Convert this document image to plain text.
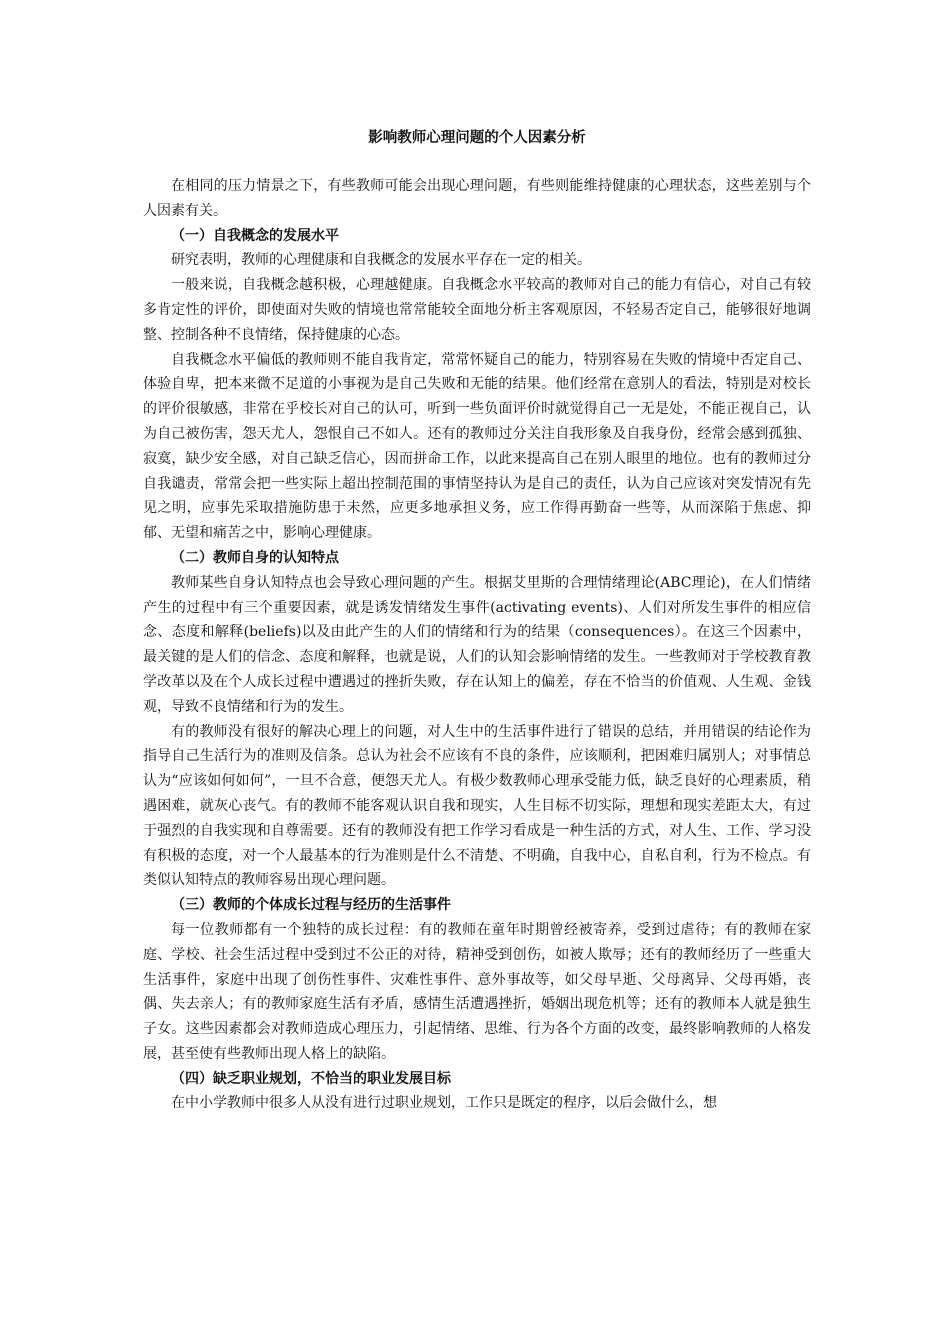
影响教师心理问题的个人因素分析

在相同的压力情景之下，有些教师可能会出现心理问题，有些则能维持健康的心理状态，这些差别与个人因素有关。

（一）自我概念的发展水平

研究表明，教师的心理健康和自我概念的发展水平存在一定的相关。

一般来说，自我概念越积极，心理越健康。自我概念水平较高的教师对自己的能力有信心，对自己有较多肯定性的评价，即使面对失败的情境也常常能较全面地分析主客观原因，不轻易否定自己，能够很好地调整、控制各种不良情绪，保持健康的心态。

自我概念水平偏低的教师则不能自我肯定，常常怀疑自己的能力，特别容易在失败的情境中否定自己、体验自卑，把本来微不足道的小事视为是自己失败和无能的结果。他们经常在意别人的看法，特别是对校长的评价很敏感，非常在乎校长对自己的认可，听到一些负面评价时就觉得自己一无是处，不能正视自己，认为自己被伤害，怨天尤人，怨恨自己不如人。还有的教师过分关注自我形象及自我身份，经常会感到孤独、寂寞，缺少安全感，对自己缺乏信心，因而拼命工作，以此来提高自己在别人眼里的地位。也有的教师过分自我谴责，常常会把一些实际上超出控制范围的事情坚持认为是自己的责任，认为自己应该对突发情况有先见之明，应事先采取措施防患于未然，应更多地承担义务，应工作得再勤奋一些等，从而深陷于焦虑、抑郁、无望和痛苦之中，影响心理健康。

（二）教师自身的认知特点

教师某些自身认知特点也会导致心理问题的产生。根据艾里斯的合理情绪理论(ABC理论)，在人们情绪产生的过程中有三个重要因素，就是诱发情绪发生事件(activating events)、人们对所发生事件的相应信念、态度和解释(beliefs)以及由此产生的人们的情绪和行为的结果（consequences）。在这三个因素中，最关键的是人们的信念、态度和解释，也就是说，人们的认知会影响情绪的发生。一些教师对于学校教育教学改革以及在个人成长过程中遭遇过的挫折失败，存在认知上的偏差，存在不恰当的价值观、人生观、金钱观，导致不良情绪和行为的发生。

有的教师没有很好的解决心理上的问题，对人生中的生活事件进行了错误的总结，并用错误的结论作为指导自己生活行为的准则及信条。总认为社会不应该有不良的条件，应该顺利，把困难归属别人；对事情总认为“应该如何如何”，一旦不合意，便怨天尤人。有极少数教师心理承受能力低，缺乏良好的心理素质，稍遇困难，就灰心丧气。有的教师不能客观认识自我和现实，人生目标不切实际，理想和现实差距太大，有过于强烈的自我实现和自尊需要。还有的教师没有把工作学习看成是一种生活的方式，对人生、工作、学习没有积极的态度，对一个人最基本的行为准则是什么不清楚、不明确，自我中心，自私自利，行为不检点。有类似认知特点的教师容易出现心理问题。

（三）教师的个体成长过程与经历的生活事件

每一位教师都有一个独特的成长过程：有的教师在童年时期曾经被寄养，受到过虐待；有的教师在家庭、学校、社会生活过程中受到过不公正的对待，精神受到创伤，如被人欺辱；还有的教师经历了一些重大生活事件，家庭中出现了创伤性事件、灾难性事件、意外事故等，如父母早逝、父母离异、父母再婚，丧偶、失去亲人；有的教师家庭生活有矛盾，感情生活遭遇挫折，婚姻出现危机等；还有的教师本人就是独生子女。这些因素都会对教师造成心理压力，引起情绪、思维、行为各个方面的改变，最终影响教师的人格发展，甚至使有些教师出现人格上的缺陷。

（四）缺乏职业规划，不恰当的职业发展目标

在中小学教师中很多人从没有进行过职业规划，工作只是既定的程序，以后会做什么，想
